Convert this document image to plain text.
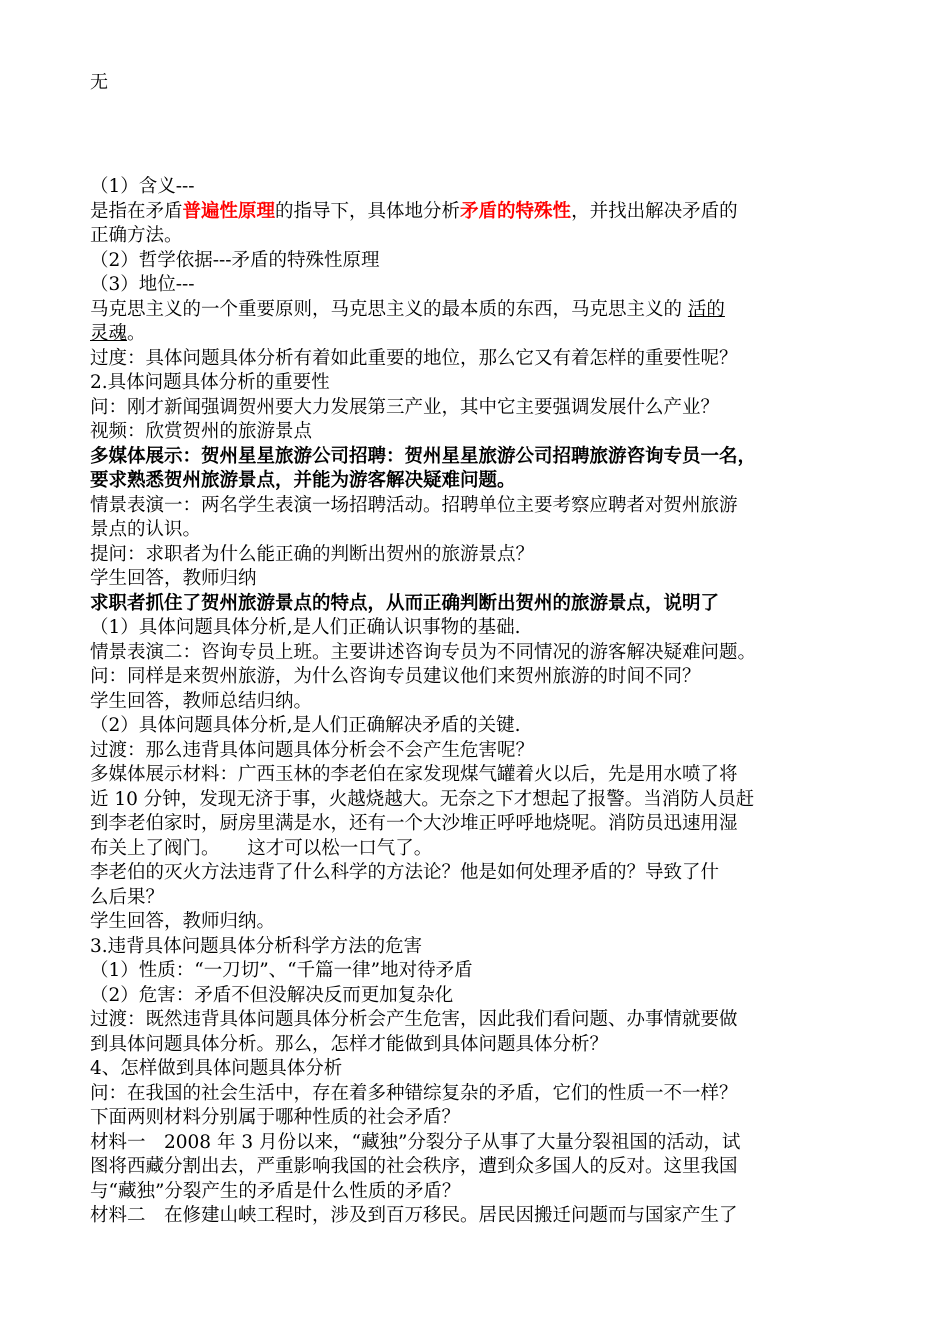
无
（1）含义---
是指在矛盾普遍性原理的指导下，具体地分析矛盾的特殊性，并找出解决矛盾的
正确方法。
（2）哲学依据---矛盾的特殊性原理
（3）地位---
马克思主义的一个重要原则，马克思主义的最本质的东西，马克思主义的 活的
灵魂。
过度：具体问题具体分析有着如此重要的地位，那么它又有着怎样的重要性呢？
2.具体问题具体分析的重要性
问：刚才新闻强调贺州要大力发展第三产业，其中它主要强调发展什么产业？
视频：欣赏贺州的旅游景点
多媒体展示：贺州星星旅游公司招聘：贺州星星旅游公司招聘旅游咨询专员一名，
要求熟悉贺州旅游景点，并能为游客解决疑难问题。
情景表演一：两名学生表演一场招聘活动。招聘单位主要考察应聘者对贺州旅游
景点的认识。
提问：求职者为什么能正确的判断出贺州的旅游景点？
学生回答，教师归纳
求职者抓住了贺州旅游景点的特点，从而正确判断出贺州的旅游景点，说明了
（1）具体问题具体分析,是人们正确认识事物的基础.
情景表演二：咨询专员上班。主要讲述咨询专员为不同情况的游客解决疑难问题。
问：同样是来贺州旅游，为什么咨询专员建议他们来贺州旅游的时间不同？
学生回答，教师总结归纳。
（2）具体问题具体分析,是人们正确解决矛盾的关键.
过渡：那么违背具体问题具体分析会不会产生危害呢？
多媒体展示材料：广西玉林的李老伯在家发现煤气罐着火以后，先是用水喷了将
近 10 分钟，发现无济于事，火越烧越大。无奈之下才想起了报警。当消防人员赶
到李老伯家时，厨房里满是水，还有一个大沙堆正呼呼地烧呢。消防员迅速用湿
布关上了阀门。　　这才可以松一口气了。
李老伯的灭火方法违背了什么科学的方法论？他是如何处理矛盾的？导致了什
么后果？
学生回答，教师归纳。
3.违背具体问题具体分析科学方法的危害
（1）性质：“一刀切”、“千篇一律”地对待矛盾
（2）危害：矛盾不但没解决反而更加复杂化
过渡：既然违背具体问题具体分析会产生危害，因此我们看问题、办事情就要做
到具体问题具体分析。那么，怎样才能做到具体问题具体分析？
4、怎样做到具体问题具体分析
问：在我国的社会生活中，存在着多种错综复杂的矛盾，它们的性质一不一样？
下面两则材料分别属于哪种性质的社会矛盾？
材料一　2008 年 3 月份以来，“藏独”分裂分子从事了大量分裂祖国的活动，试
图将西藏分割出去，严重影响我国的社会秩序，遭到众多国人的反对。这里我国
与“藏独”分裂产生的矛盾是什么性质的矛盾？
材料二　在修建山峡工程时，涉及到百万移民。居民因搬迁问题而与国家产生了
